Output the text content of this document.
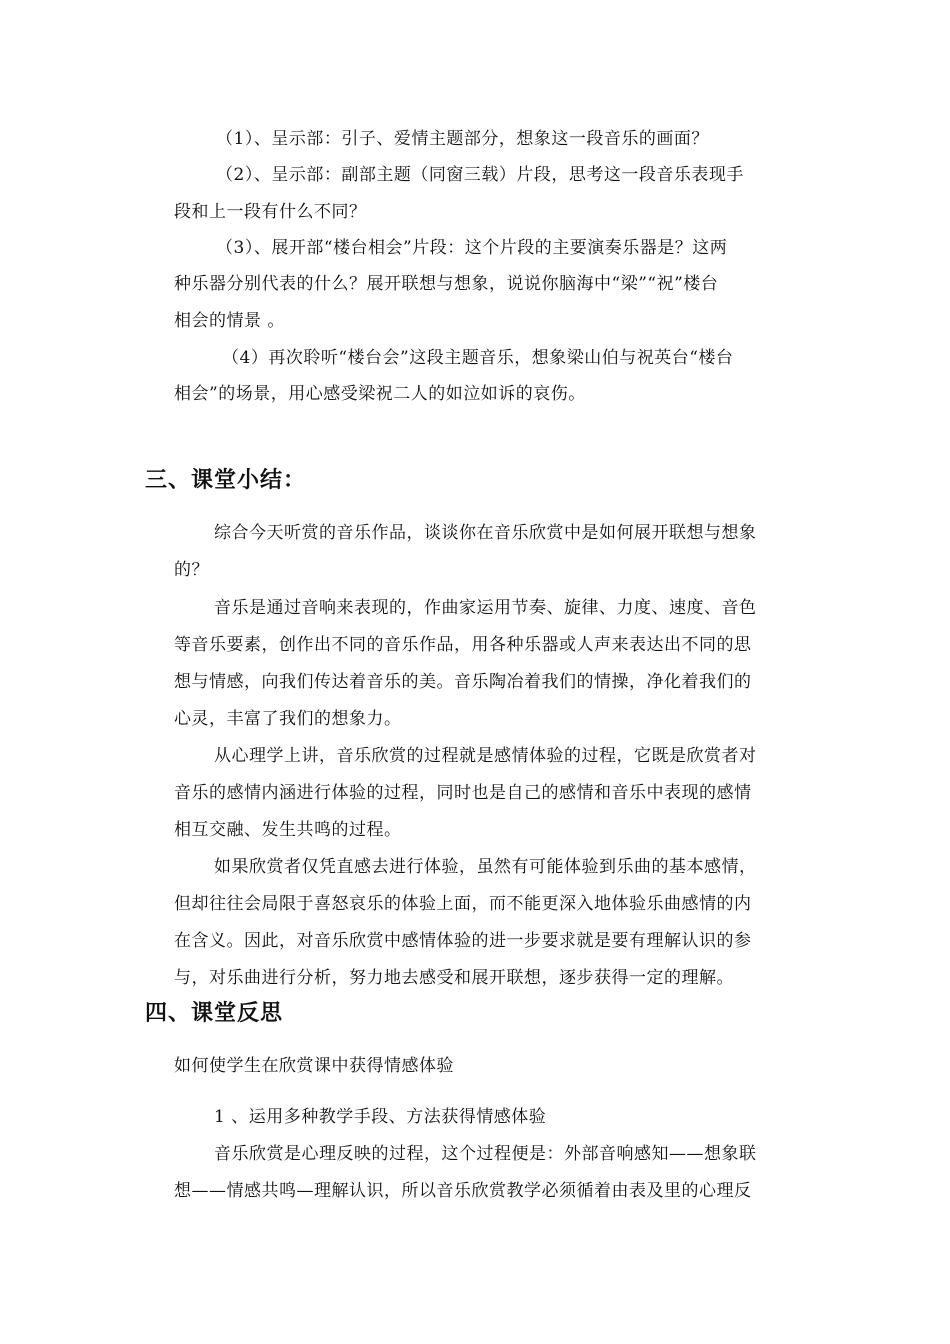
（1）、呈示部：引子、爱情主题部分，想象这一段音乐的画面？
（2）、呈示部：副部主题（同窗三载）片段，思考这一段音乐表现手
段和上一段有什么不同？
（3）、展开部“楼台相会”片段：这个片段的主要演奏乐器是？这两
种乐器分别代表的什么？展开联想与想象，说说你脑海中“梁”“祝”楼台
相会的情景 。
（4）再次聆听“楼台会”这段主题音乐，想象梁山伯与祝英台“楼台
相会”的场景，用心感受梁祝二人的如泣如诉的哀伤。
三、课堂小结：
综合今天听赏的音乐作品，谈谈你在音乐欣赏中是如何展开联想与想象
的？
音乐是通过音响来表现的，作曲家运用节奏、旋律、力度、速度、音色
等音乐要素，创作出不同的音乐作品，用各种乐器或人声来表达出不同的思
想与情感，向我们传达着音乐的美。音乐陶冶着我们的情操，净化着我们的
心灵，丰富了我们的想象力。
从心理学上讲，音乐欣赏的过程就是感情体验的过程，它既是欣赏者对
音乐的感情内涵进行体验的过程，同时也是自己的感情和音乐中表现的感情
相互交融、发生共鸣的过程。
如果欣赏者仅凭直感去进行体验，虽然有可能体验到乐曲的基本感情，
但却往往会局限于喜怒哀乐的体验上面，而不能更深入地体验乐曲感情的内
在含义。因此，对音乐欣赏中感情体验的进一步要求就是要有理解认识的参
与，对乐曲进行分析，努力地去感受和展开联想，逐步获得一定的理解。
四、课堂反思
如何使学生在欣赏课中获得情感体验
1 、运用多种教学手段、方法获得情感体验
音乐欣赏是心理反映的过程，这个过程便是：外部音响感知——想象联
想——情感共鸣—理解认识，所以音乐欣赏教学必须循着由表及里的心理反
